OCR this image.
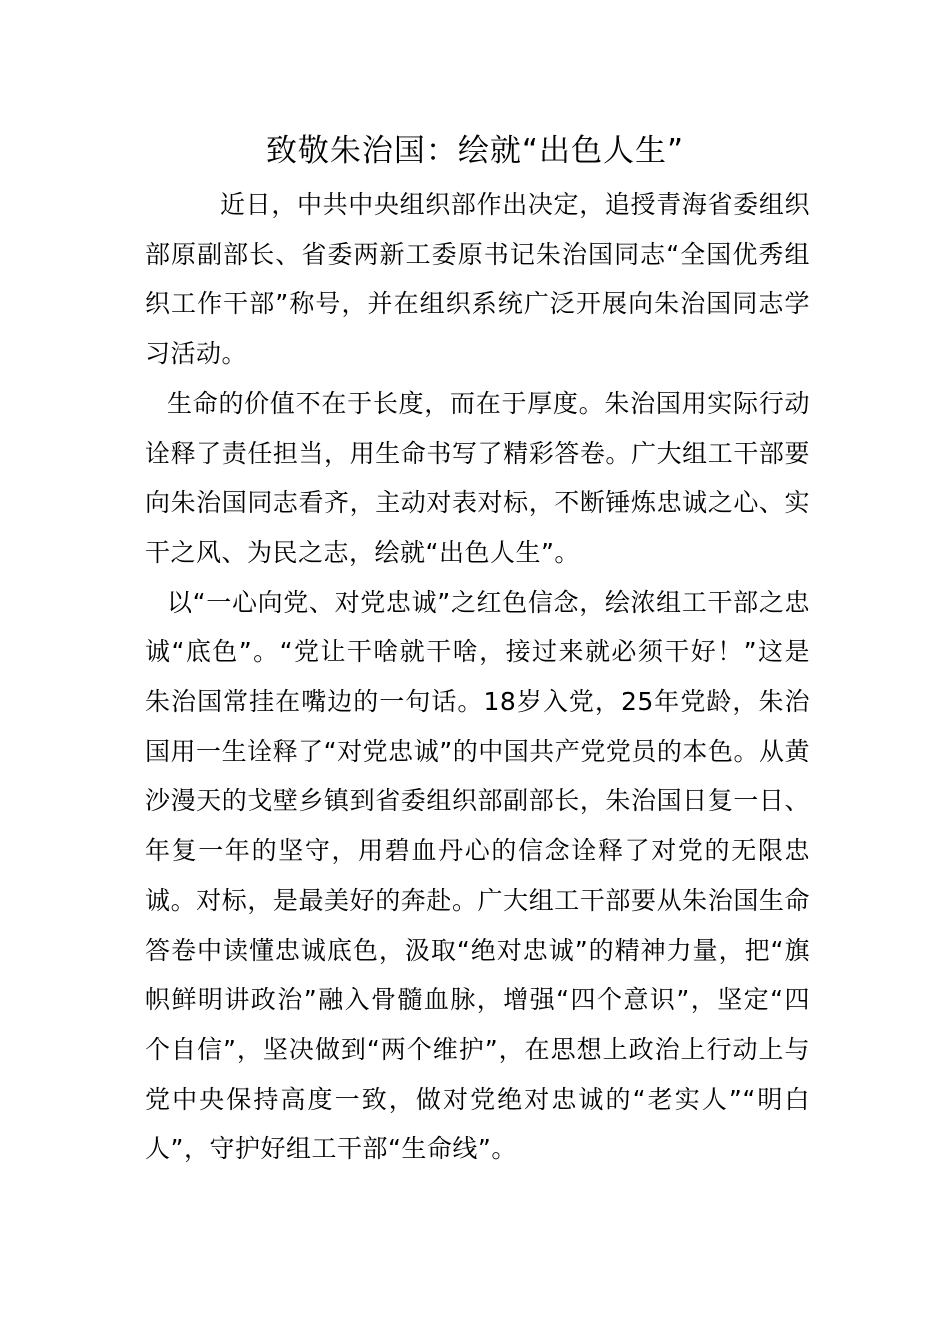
致敬朱治国：绘就“出色人生”

近日，中共中央组织部作出决定，追授青海省委组织部原副部长、省委两新工委原书记朱治国同志“全国优秀组织工作干部”称号，并在组织系统广泛开展向朱治国同志学习活动。

生命的价值不在于长度，而在于厚度。朱治国用实际行动诠释了责任担当，用生命书写了精彩答卷。广大组工干部要向朱治国同志看齐，主动对表对标，不断锤炼忠诚之心、实干之风、为民之志，绘就“出色人生”。

以“一心向党、对党忠诚”之红色信念，绘浓组工干部之忠诚“底色”。“党让干啥就干啥，接过来就必须干好！”这是朱治国常挂在嘴边的一句话。18岁入党，25年党龄，朱治国用一生诠释了“对党忠诚”的中国共产党党员的本色。从黄沙漫天的戈壁乡镇到省委组织部副部长，朱治国日复一日、年复一年的坚守，用碧血丹心的信念诠释了对党的无限忠诚。对标，是最美好的奔赴。广大组工干部要从朱治国生命答卷中读懂忠诚底色，汲取“绝对忠诚”的精神力量，把“旗帜鲜明讲政治”融入骨髓血脉，增强“四个意识”，坚定“四个自信”，坚决做到“两个维护”，在思想上政治上行动上与党中央保持高度一致，做对党绝对忠诚的“老实人”“明白人”，守护好组工干部“生命线”。
